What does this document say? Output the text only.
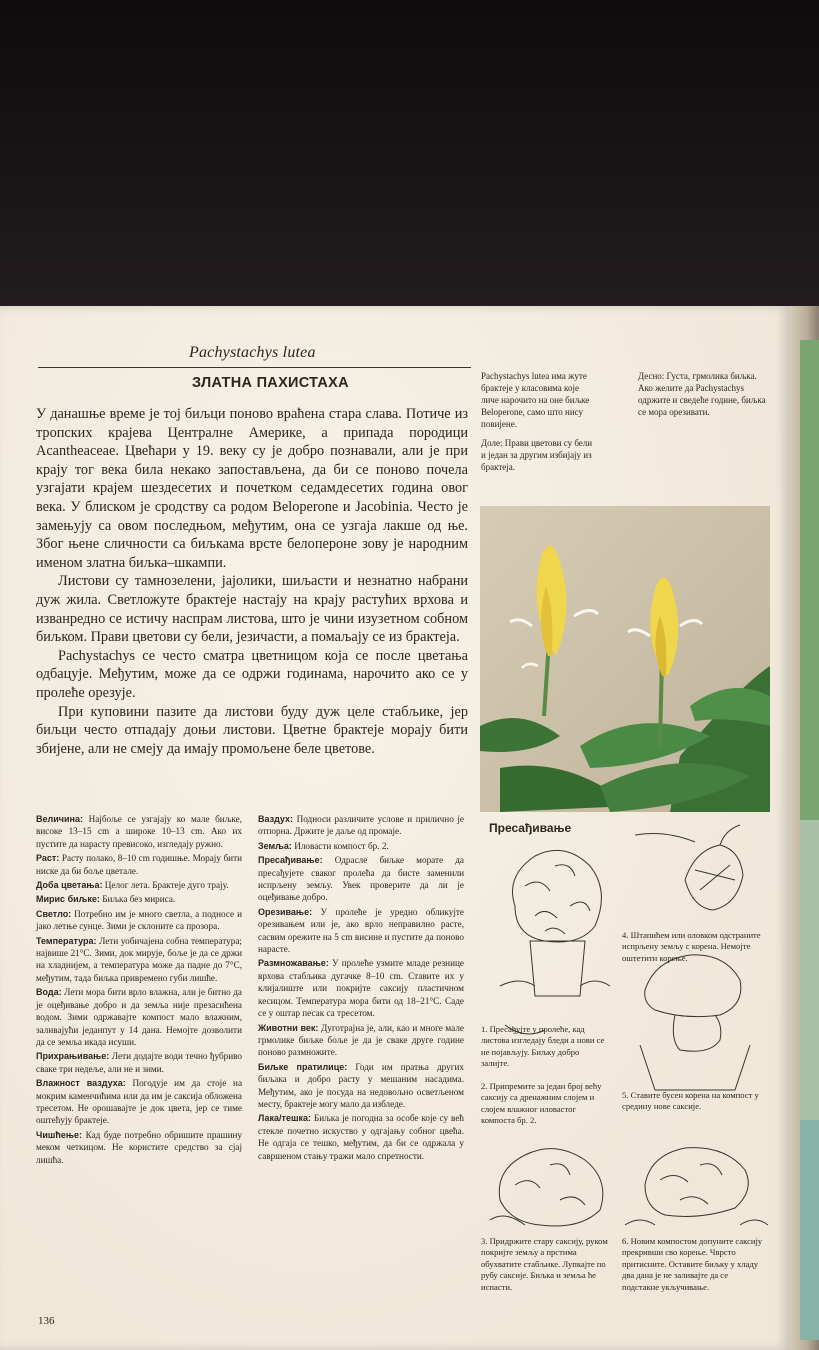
Pachystachys lutea
ЗЛАТНА ПАХИСТАХА

У данашње време је тој биљци поново враћена стара слава. Потиче из тропских крајева Централне Америке, а припада породици Acantheaceae. Цвећари у 19. веку су је добро познавали, али је при крају тог века била некако запостављена, да би се поново почела узгајати крајем шездесетих и почетком седамдесетих година овог века. У блиском је сродству са родом Beloperone и Jacobinia. Често је замењују са овом последњом, међутим, она се узгаја лакше од ње. Због њене сличности са биљкама врсте белопероне зову је народним именом златна биљка–шкампи.

Листови су тамнозелени, јајолики, шиљасти и незнатно набрани дуж жила. Светложуте брактеје настају на крају растућих врхова и изванредно се истичу наспрам листова, што је чини изузетном собном биљком. Прави цветови су бели, језичасти, а помаљају се из брактеја.

Pachystachys се често сматра цветницом која се после цветања одбацује. Међутим, може да се одржи годинама, нарочито ако се у пролеће орезује.

При куповини пазите да листови буду дуж целе стабљике, јер биљци често отпадају доњи листови. Цветне брактеје морају бити збијене, али не смеју да имају промољене беле цветове.

Pachystachys lutea има жуте брактеје у класовима које личе нарочито на оне биљке Beloperone, само што нису повијене.
Доле: Прави цветови су бели и један за другим избијају из брактеја.
Десно: Густа, грмолика биљка. Ако желите да Pachystachys одржите и сведеће године, биљка се мора орезивати.

Величина: Најбоље се узгајају ко мале биљке, високе 13–15 cm а широке 10–13 cm. Ако их пустите да нарасту превисоко, изгледају ружно.

Раст: Расту полако, 8–10 cm годишње. Морају бити ниске да би боље цветале.

Доба цветања: Целог лета. Брактеје дуго трају.

Мирис биљке: Биљка без мириса.

Светло: Потребно им је много светла, а подносе и јако летње сунце. Зими је склоните са прозора.

Температура: Лети уобичајена собна температура; највише 21°C. Зими, док мирује, боље је да се држи на хладнијем, а температура може да падне до 7°C, међутим, тада биљка привремено губи лишће.

Вода: Лети мора бити врло влажна, али је битно да је оцеђивање добро и да земља није презасићена водом. Зими одржавајте компост мало влажним, заливајући једанпут у 14 дана. Немојте дозволити да се земља икада исуши.

Прихрањивање: Лети додајте води течно ђубриво сваке три недеље, али не и зими.

Влажност ваздуха: Погодује им да стоје на мокрим каменчићима или да им је саксија обложена тресетом. Не орошавајте је док цвета, јер се тиме оштећују брактеје.

Чишћење: Кад буде потребно обришите прашину меком четкицом. Не користите средство за сјај лишћа.

Ваздух: Подноси различите услове и прилично је отпорна. Држите је даље од промаје.

Земља: Иловасти компост бр. 2.

Пресађивање: Одрасле биљке морате да пресађујете сваког пролећа да бисте заменили испрљену земљу. Увек проверите да ли је оцеђивање добро.

Орезивање: У пролеће је уредно обликујте орезивањем или је, ако врло неправилно расте, сасвим орежите на 5 cm висине и пустите да поново нарасте.

Размножавање: У пролеће узмите младе резнице врхова стабљика дугачке 8–10 cm. Ставите их у клијалиште или покријте саксију пластичном кесицом. Температура мора бити од 18–21°C. Саде се у оштар песак са тресетом.

Животни век: Дуготрајна је, али, као и многе мале грмолике биљке боље је да је сваке друге године поново размножите.

Биљке пратилице: Годи им пратња других биљака и добро расту у мешаним насадима. Међутим, ако је посуда на недовољно осветљеном месту, брактеје могу мало да избледе.

Лака/тешка: Биљка је погодна за особе које су већ стекле почетно искуство у одгајању собног цвећа. Не одгаја се тешко, међутим, да би се одржала у савршеном стању тражи мало спретности.

Пресађивање
1. Пресађујте у пролеће, кад листова изгледају бледи а нови се не појављују. Биљку добро залијте.
2. Припремите за један број већу саксију са дренажним слојем и слојем влажног иловастог компоста бр. 2.
3. Придржите стару саксију, руком покријте земљу а прстима обухватите стабљике. Лупкајте по рубу саксије. Биљка и земља ће испасти.
4. Штапићем или оловком одстраните испрљену земљу с корена. Немојте оштетити корење.
5. Ставите бусен корена на компост у средину нове саксије.
6. Новим компостом допуните саксију прекривши сво корење. Чврсто притисните. Оставите биљку у хладу два дана је не заливајте да се подстакне укључивање.
136
